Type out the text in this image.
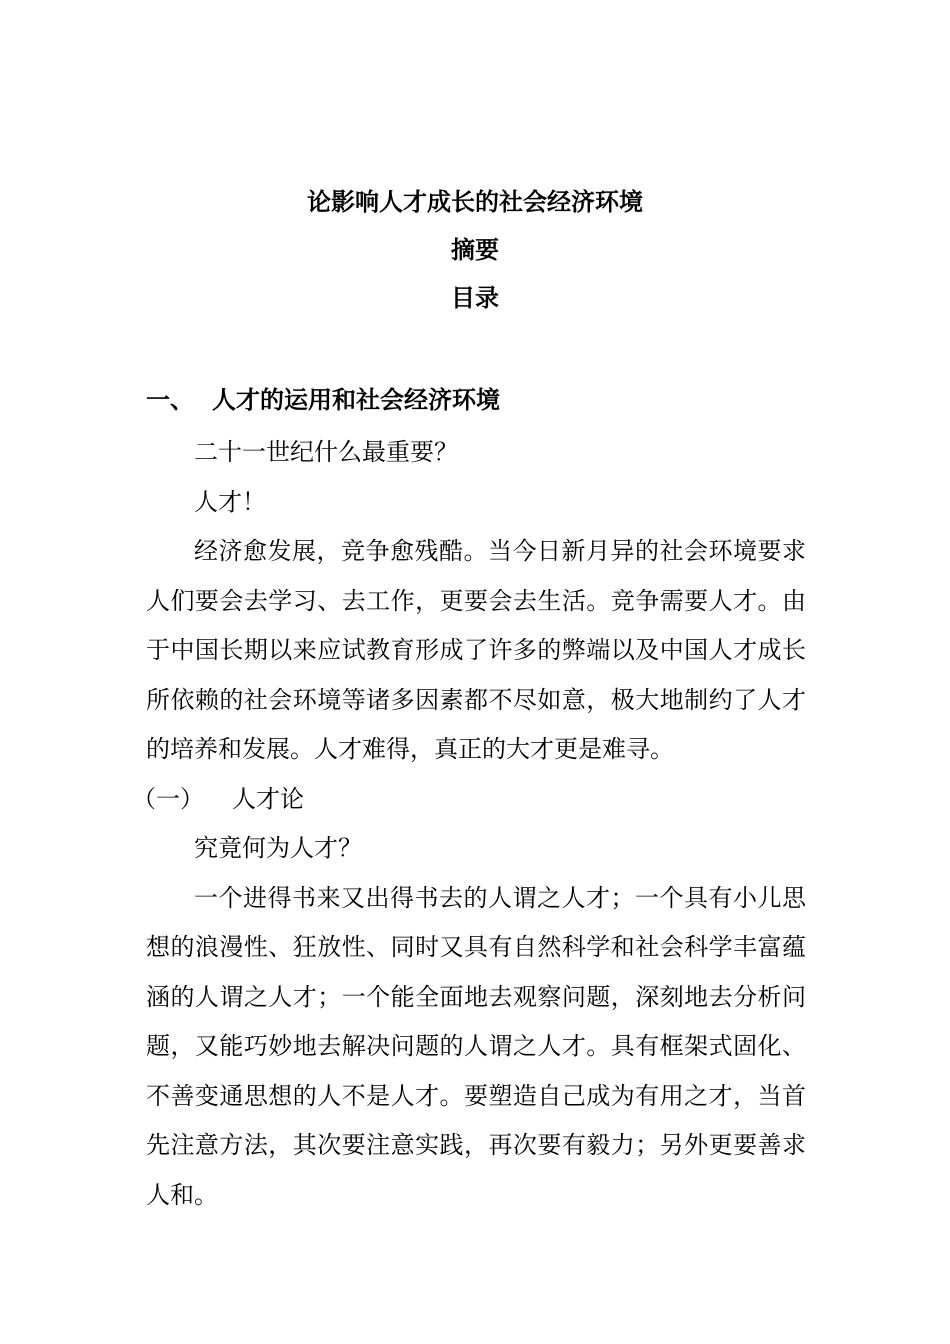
论影响人才成长的社会经济环境

摘要

目录

一、 人才的运用和社会经济环境

二十一世纪什么最重要？

人才！

经济愈发展，竞争愈残酷。当今日新月异的社会环境要求人们要会去学习、去工作，更要会去生活。竞争需要人才。由于中国长期以来应试教育形成了许多的弊端以及中国人才成长所依赖的社会环境等诸多因素都不尽如意，极大地制约了人才的培养和发展。人才难得，真正的大才更是难寻。

（一） 人才论

究竟何为人才？

一个进得书来又出得书去的人谓之人才；一个具有小儿思想的浪漫性、狂放性、同时又具有自然科学和社会科学丰富蕴涵的人谓之人才；一个能全面地去观察问题，深刻地去分析问题，又能巧妙地去解决问题的人谓之人才。具有框架式固化、不善变通思想的人不是人才。要塑造自己成为有用之才，当首先注意方法，其次要注意实践，再次要有毅力；另外更要善求人和。
